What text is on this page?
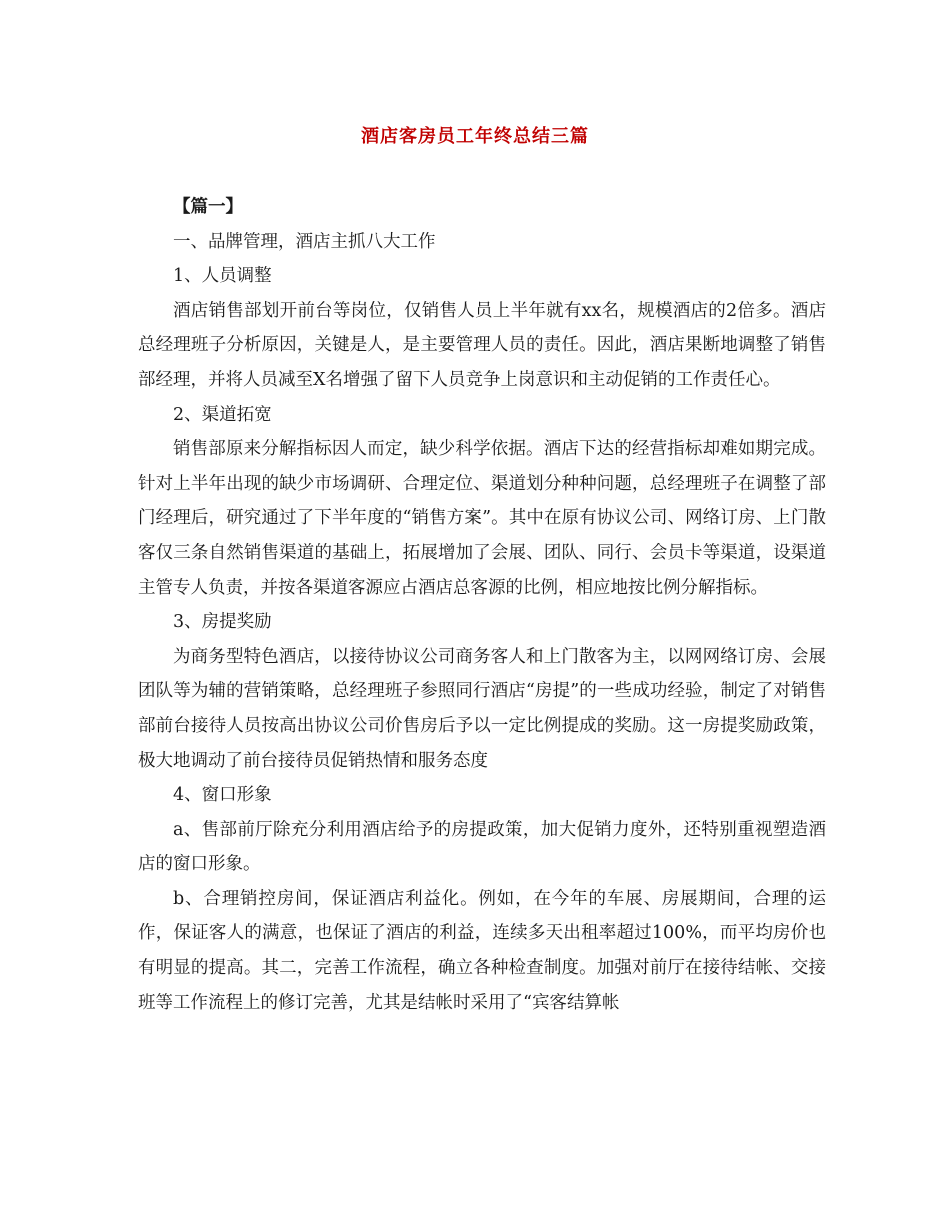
酒店客房员工年终总结三篇

【篇一】

一、品牌管理，酒店主抓八大工作

1、人员调整

酒店销售部划开前台等岗位，仅销售人员上半年就有xx名，规模酒店的2倍多。酒店总经理班子分析原因，关键是人，是主要管理人员的责任。因此，酒店果断地调整了销售部经理，并将人员减至X名增强了留下人员竞争上岗意识和主动促销的工作责任心。

2、渠道拓宽

销售部原来分解指标因人而定，缺少科学依据。酒店下达的经营指标却难如期完成。针对上半年出现的缺少市场调研、合理定位、渠道划分种种问题，总经理班子在调整了部门经理后，研究通过了下半年度的“销售方案”。其中在原有协议公司、网络订房、上门散客仅三条自然销售渠道的基础上，拓展增加了会展、团队、同行、会员卡等渠道，设渠道主管专人负责，并按各渠道客源应占酒店总客源的比例，相应地按比例分解指标。

3、房提奖励

为商务型特色酒店，以接待协议公司商务客人和上门散客为主，以网网络订房、会展团队等为辅的营销策略，总经理班子参照同行酒店“房提”的一些成功经验，制定了对销售部前台接待人员按高出协议公司价售房后予以一定比例提成的奖励。这一房提奖励政策，极大地调动了前台接待员促销热情和服务态度

4、窗口形象

a、售部前厅除充分利用酒店给予的房提政策，加大促销力度外，还特别重视塑造酒店的窗口形象。

b、合理销控房间，保证酒店利益化。例如，在今年的车展、房展期间，合理的运作，保证客人的满意，也保证了酒店的利益，连续多天出租率超过100%，而平均房价也有明显的提高。其二，完善工作流程，确立各种检查制度。加强对前厅在接待结帐、交接班等工作流程上的修订完善，尤其是结帐时采用了“宾客结算帐
